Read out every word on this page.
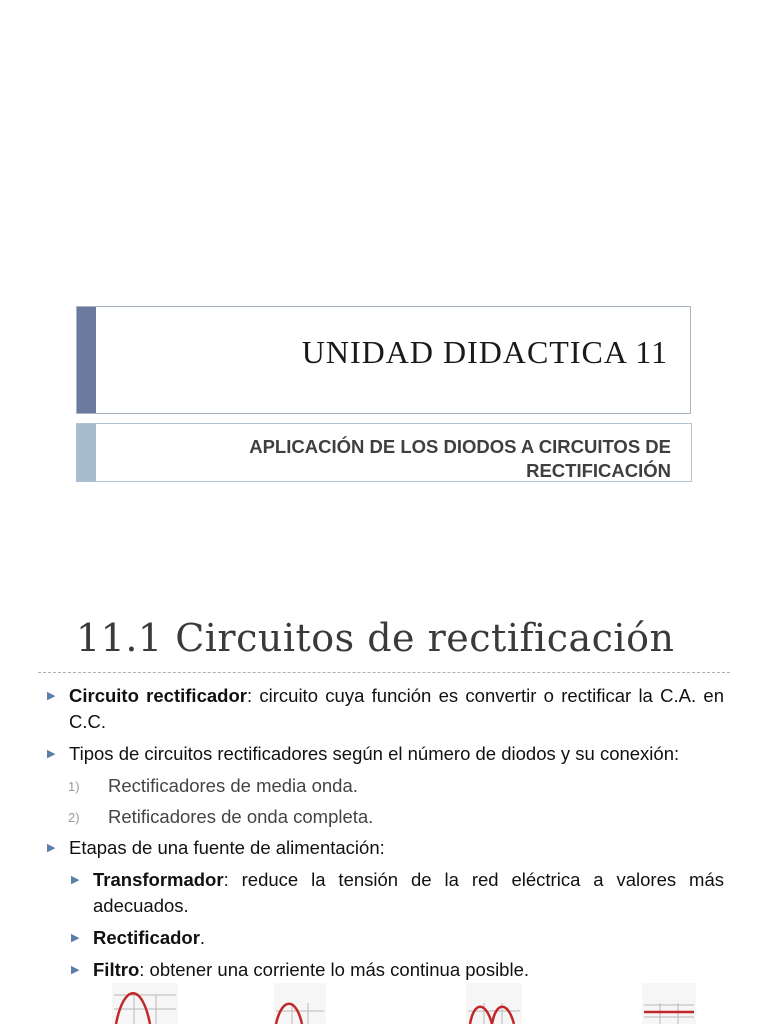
UNIDAD DIDACTICA 11
APLICACIÓN DE LOS DIODOS A CIRCUITOS DE
RECTIFICACIÓN
11.1 Circuitos de rectificación
▶ Circuito rectificador: circuito cuya función es convertir o rectificar la C.A. en C.C.
▶ Tipos de circuitos rectificadores según el número de diodos y su conexión:
1) Rectificadores de media onda.
2) Retificadores de onda completa.
▶ Etapas de una fuente de alimentación:
▶ Transformador: reduce la tensión de la red eléctrica a valores más adecuados.
▶ Rectificador.
▶ Filtro: obtener una corriente lo más continua posible.
